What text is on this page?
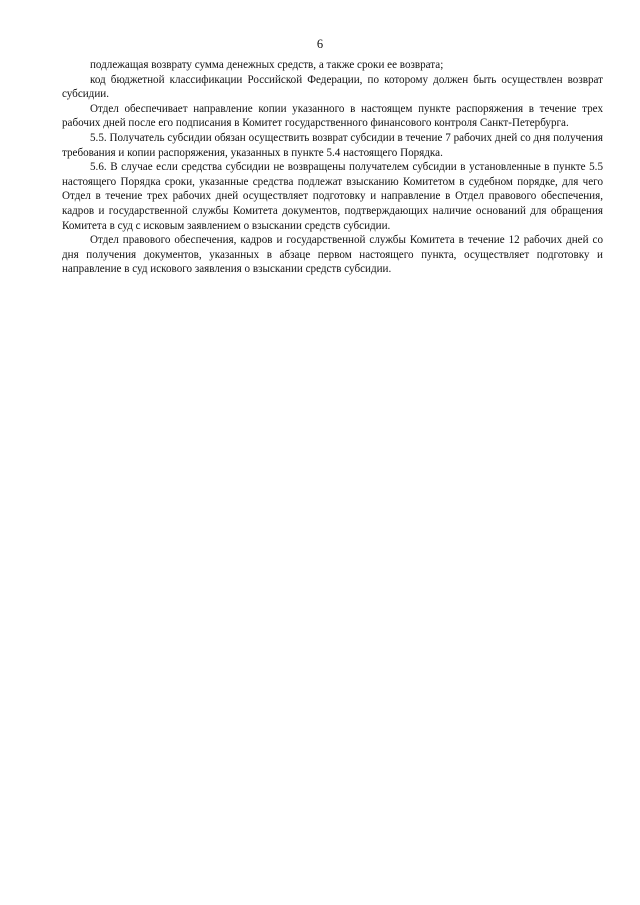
6

подлежащая возврату сумма денежных средств, а также сроки ее возврата;

код бюджетной классификации Российской Федерации, по которому должен быть осуществлен возврат субсидии.

Отдел обеспечивает направление копии указанного в настоящем пункте распоряжения в течение трех рабочих дней после его подписания в Комитет государственного финансового контроля Санкт-Петербурга.

5.5. Получатель субсидии обязан осуществить возврат субсидии в течение 7 рабочих дней со дня получения требования и копии распоряжения, указанных в пункте 5.4 настоящего Порядка.

5.6. В случае если средства субсидии не возвращены получателем субсидии в установленные в пункте 5.5 настоящего Порядка сроки, указанные средства подлежат взысканию Комитетом в судебном порядке, для чего Отдел в течение трех рабочих дней осуществляет подготовку и направление в Отдел правового обеспечения, кадров и государственной службы Комитета документов, подтверждающих наличие оснований для обращения Комитета в суд с исковым заявлением о взыскании средств субсидии.

Отдел правового обеспечения, кадров и государственной службы Комитета в течение 12 рабочих дней со дня получения документов, указанных в абзаце первом настоящего пункта, осуществляет подготовку и направление в суд искового заявления о взыскании средств субсидии.
